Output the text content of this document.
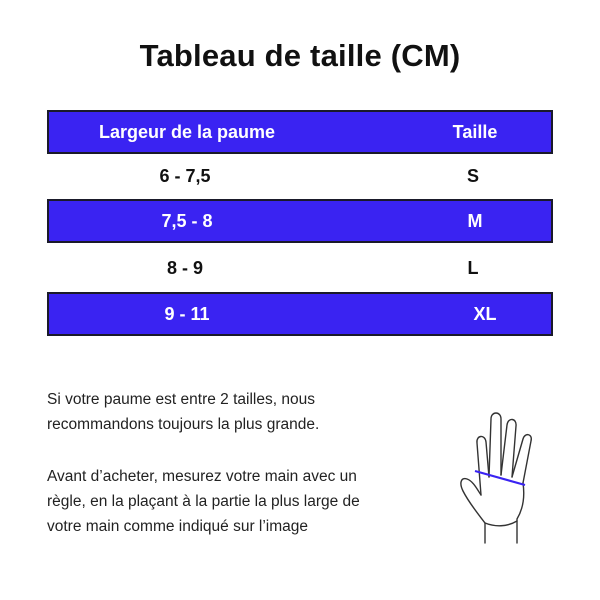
Tableau de taille (CM)
Largeur de la paume	Taille
6 - 7,5	S
7,5 - 8	M
8 - 9	L
9 - 11	XL
Si votre paume est entre 2 tailles, nous
recommandons toujours la plus grande.
Avant d’acheter, mesurez votre main avec un
règle, en la plaçant à la partie la plus large de
votre main comme indiqué sur l’image
